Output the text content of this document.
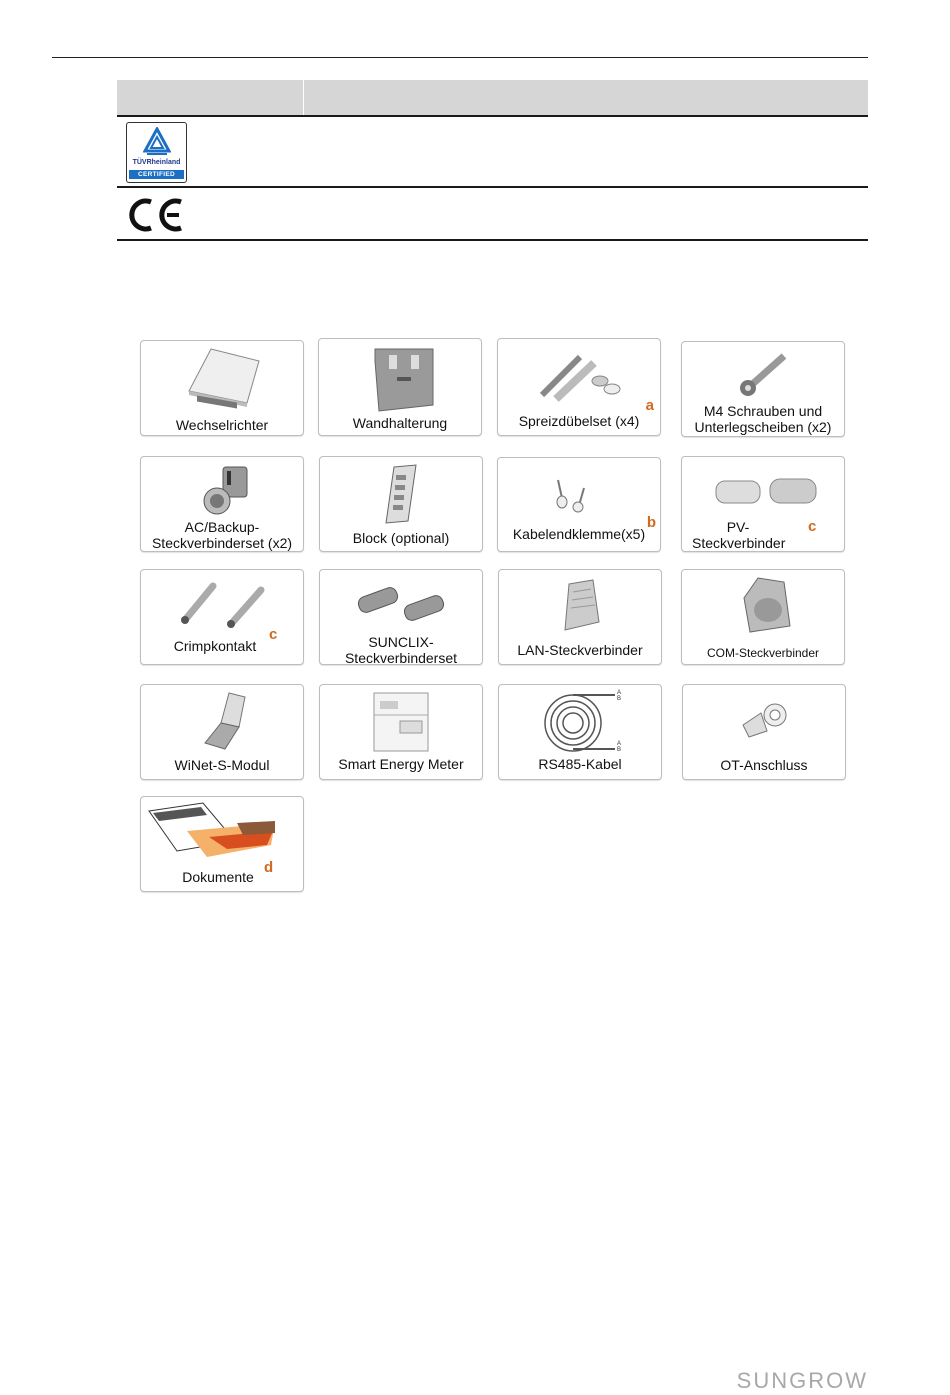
TÜVRheinland
CERTIFIED
Wechselrichter	Wandhalterung	Spreizdübelset (x4)
a	M4 Schrauben und
Unterlegscheiben (x2)
AC/Backup-
Steckverbinderset (x2)	Block (optional)	Kabelendklemme(x5)
b	PV-
Steckverbinder
c
Crimpkontakt
c	SUNCLIX-
Steckverbinderset	LAN-Steckverbinder	COM-Steckverbinder
WiNet-S-Modul	Smart Energy Meter
A
B
A
B
RS485-Kabel	OT-Anschluss
Dokumente
d
SUNGROW
